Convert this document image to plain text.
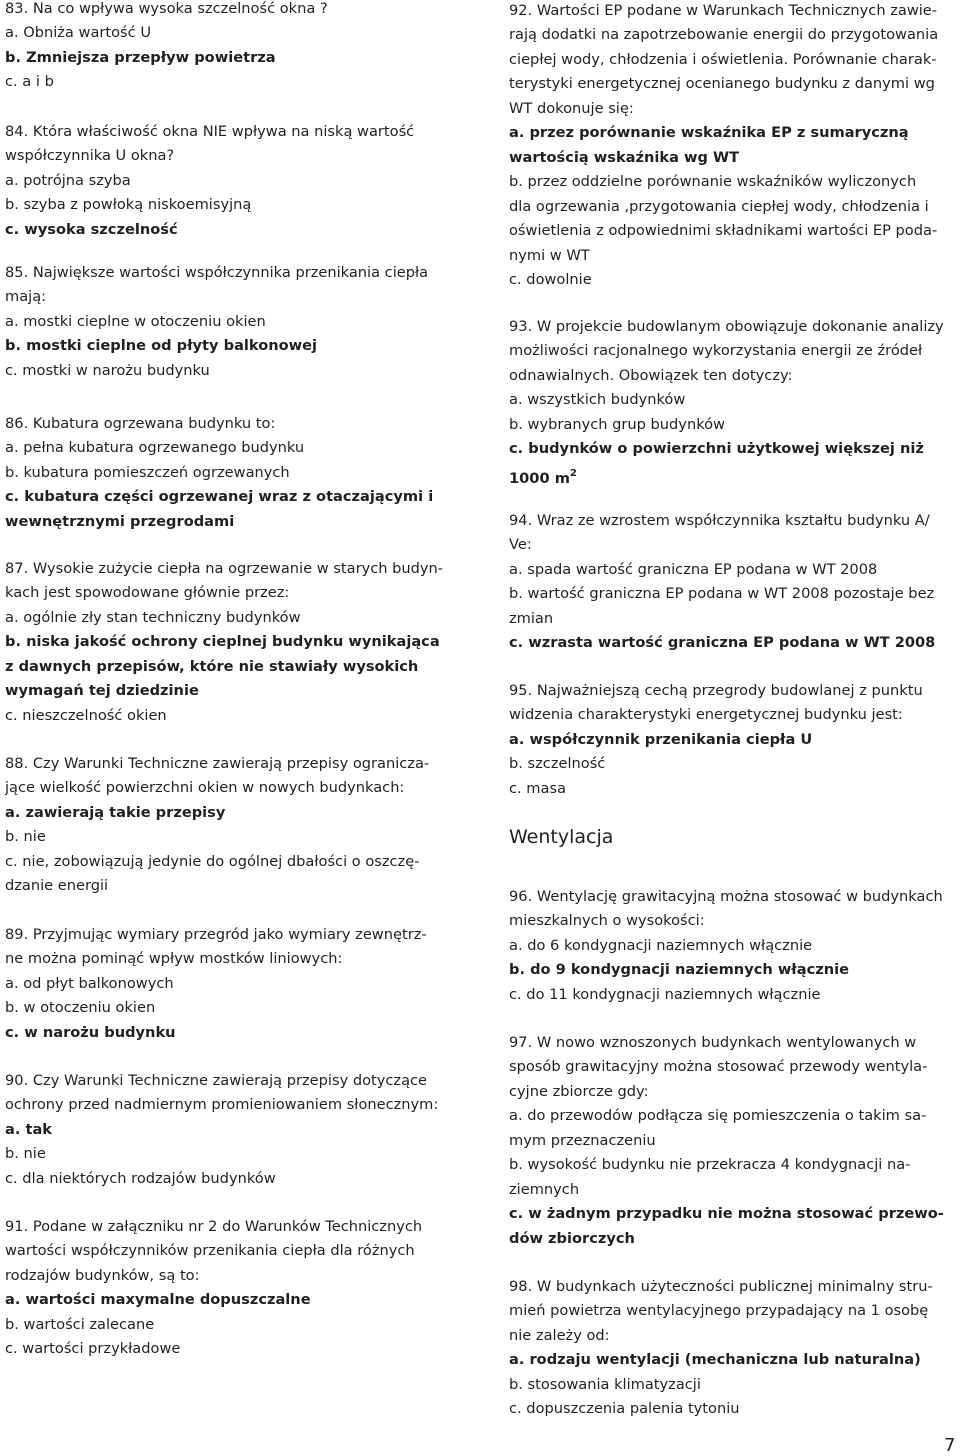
83. Na co wpływa wysoka szczelność okna ?
a. Obniża wartość U
b. Zmniejsza przepływ powietrza
c. a i b
84. Która właściwość okna NIE wpływa na niską wartość
współczynnika U okna?
a. potrójna szyba
b. szyba z powłoką niskoemisyjną
c. wysoka szczelność
85. Największe wartości współczynnika przenikania ciepła
mają:
a. mostki cieplne w otoczeniu okien
b. mostki cieplne od płyty balkonowej
c. mostki w narożu budynku
86. Kubatura ogrzewana budynku to:
a. pełna kubatura ogrzewanego budynku
b. kubatura pomieszczeń ogrzewanych
c. kubatura części ogrzewanej wraz z otaczającymi i
wewnętrznymi przegrodami
87. Wysokie zużycie ciepła na ogrzewanie w starych budyn-
kach jest spowodowane głównie przez:
a. ogólnie zły stan techniczny budynków
b. niska jakość ochrony cieplnej budynku wynikająca
z dawnych przepisów, które nie stawiały wysokich
wymagań tej dziedzinie
c. nieszczelność okien
88. Czy Warunki Techniczne zawierają przepisy ogranicza-
jące wielkość powierzchni okien w nowych budynkach:
a. zawierają takie przepisy
b. nie
c. nie, zobowiązują jedynie do ogólnej dbałości o oszczę-
dzanie energii
89. Przyjmując wymiary przegród jako wymiary zewnętrz-
ne można pominąć wpływ mostków liniowych:
a. od płyt balkonowych
b. w otoczeniu okien
c. w narożu budynku
90. Czy Warunki Techniczne zawierają przepisy dotyczące
ochrony przed nadmiernym promieniowaniem słonecznym:
a. tak
b. nie
c. dla niektórych rodzajów budynków
91. Podane w załączniku nr 2 do Warunków Technicznych
wartości współczynników przenikania ciepła dla różnych
rodzajów budynków, są to:
a. wartości maxymalne dopuszczalne
b. wartości zalecane
c. wartości przykładowe
92. Wartości EP podane w Warunkach Technicznych zawie-
rają dodatki na zapotrzebowanie energii do przygotowania
ciepłej wody, chłodzenia i oświetlenia. Porównanie charak-
terystyki energetycznej ocenianego budynku z danymi wg
WT dokonuje się:
a. przez porównanie wskaźnika EP z sumaryczną
wartością wskaźnika wg WT
b. przez oddzielne porównanie wskaźników wyliczonych
dla ogrzewania ,przygotowania ciepłej wody, chłodzenia i
oświetlenia z odpowiednimi składnikami wartości EP poda-
nymi w WT
c. dowolnie
93. W projekcie budowlanym obowiązuje dokonanie analizy
możliwości racjonalnego wykorzystania energii ze źródeł
odnawialnych. Obowiązek ten dotyczy:
a. wszystkich budynków
b. wybranych grup budynków
c. budynków o powierzchni użytkowej większej niż
1000 $m^2$
94. Wraz ze wzrostem współczynnika kształtu budynku A/
Ve:
a. spada wartość graniczna EP podana w WT 2008
b. wartość graniczna EP podana w WT 2008 pozostaje bez
zmian
c. wzrasta wartość graniczna EP podana w WT 2008
95. Najważniejszą cechą przegrody budowlanej z punktu
widzenia charakterystyki energetycznej budynku jest:
a. współczynnik przenikania ciepła U
b. szczelność
c. masa
Wentylacja
96. Wentylację grawitacyjną można stosować w budynkach
mieszkalnych o wysokości:
a. do 6 kondygnacji naziemnych włącznie
b. do 9 kondygnacji naziemnych włącznie
c. do 11 kondygnacji naziemnych włącznie
97. W nowo wznoszonych budynkach wentylowanych w
sposób grawitacyjny można stosować przewody wentyla-
cyjne zbiorcze gdy:
a. do przewodów podłącza się pomieszczenia o takim sa-
mym przeznaczeniu
b. wysokość budynku nie przekracza 4 kondygnacji na-
ziemnych
c. w żadnym przypadku nie można stosować przewo-
dów zbiorczych
98. W budynkach użyteczności publicznej minimalny stru-
mień powietrza wentylacyjnego przypadający na 1 osobę
nie zależy od:
a. rodzaju wentylacji (mechaniczna lub naturalna)
b. stosowania klimatyzacji
c. dopuszczenia palenia tytoniu
7
